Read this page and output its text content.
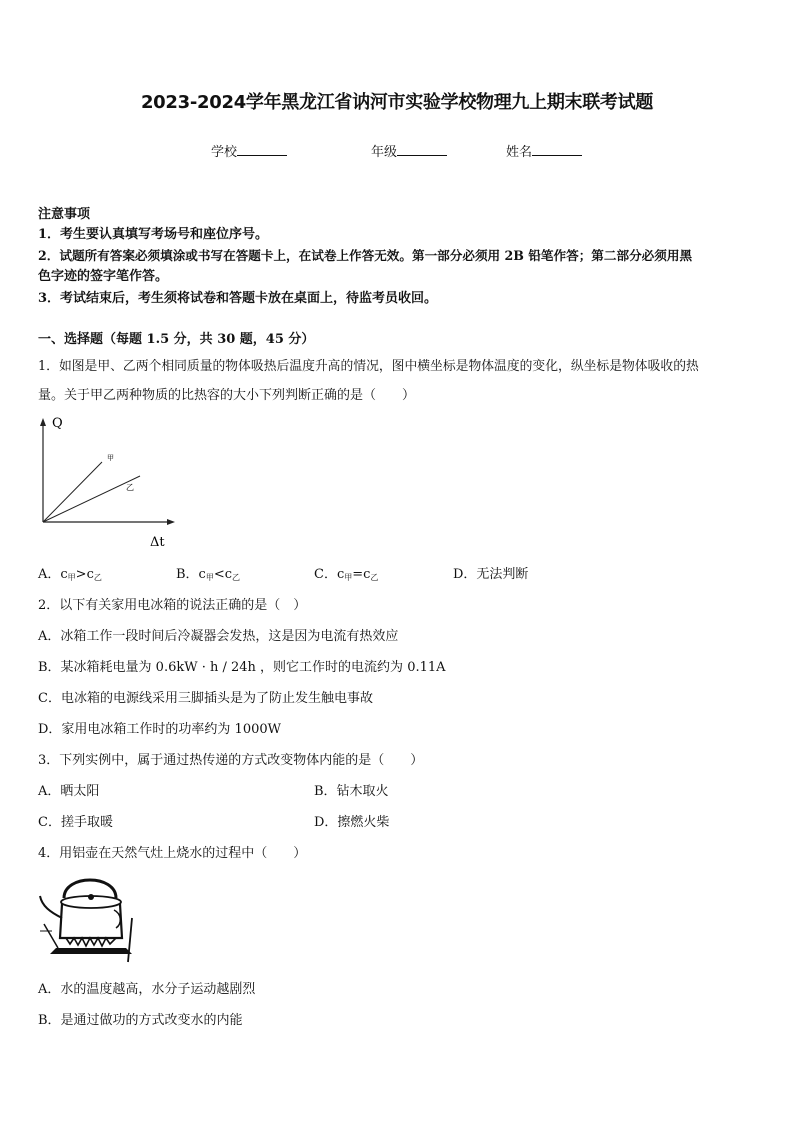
2023-2024学年黑龙江省讷河市实验学校物理九上期末联考试题
学校	年级	姓名
注意事项
1．考生要认真填写考场号和座位序号。
2．试题所有答案必须填涂或书写在答题卡上，在试卷上作答无效。第一部分必须用 2B 铅笔作答；第二部分必须用黑
色字迹的签字笔作答。
3．考试结束后，考生须将试卷和答题卡放在桌面上，待监考员收回。
一、选择题（每题 1.5 分，共 30 题，45 分）
1．如图是甲、乙两个相同质量的物体吸热后温度升高的情况，图中横坐标是物体温度的变化，纵坐标是物体吸收的热
量。关于甲乙两种物质的比热容的大小下列判断正确的是（　　）
Q
Δt
甲
乙
A．$c_甲>c_乙$	B．$c_甲<c_乙$	C．$c_甲=c_乙$	D．无法判断
2．以下有关家用电冰箱的说法正确的是（　）
A．冰箱工作一段时间后冷凝器会发热，这是因为电流有热效应
B．某冰箱耗电量为 0.6kW · h / 24h ，则它工作时的电流约为 0.11A
C．电冰箱的电源线采用三脚插头是为了防止发生触电事故
D．家用电冰箱工作时的功率约为 1000W
3．下列实例中，属于通过热传递的方式改变物体内能的是（　　）
A．晒太阳	B．钻木取火
C．搓手取暖	D．擦燃火柴
4．用铝壶在天然气灶上烧水的过程中（　　）
A．水的温度越高，水分子运动越剧烈
B．是通过做功的方式改变水的内能
